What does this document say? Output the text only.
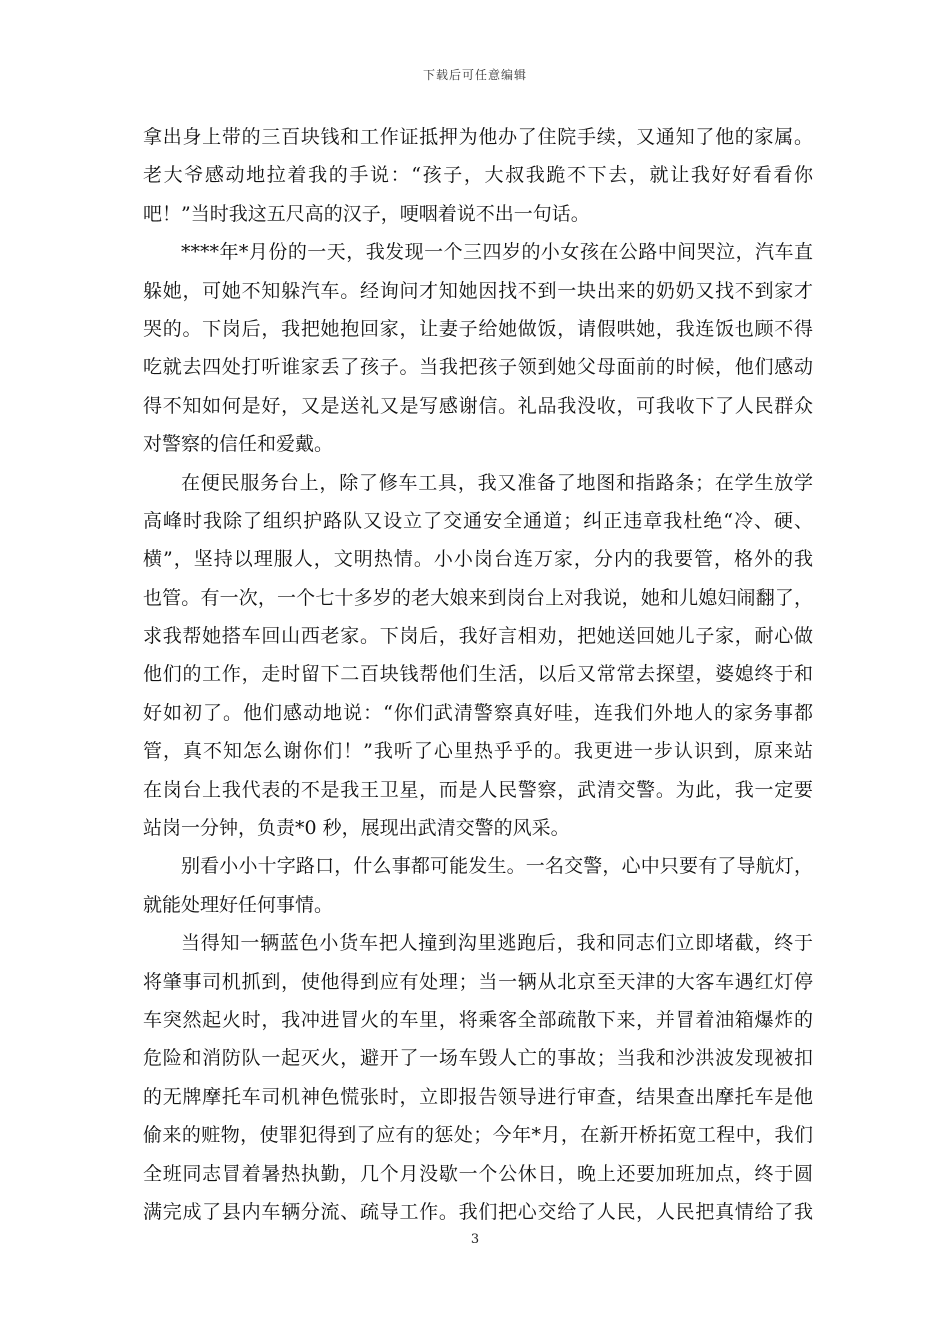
下载后可任意编辑
拿出身上带的三百块钱和工作证抵押为他办了住院手续，又通知了他的家属。
老大爷感动地拉着我的手说：“孩子，大叔我跪不下去，就让我好好看看你
吧！”当时我这五尺高的汉子，哽咽着说不出一句话。
****年*月份的一天，我发现一个三四岁的小女孩在公路中间哭泣，汽车直
躲她，可她不知躲汽车。经询问才知她因找不到一块出来的奶奶又找不到家才
哭的。下岗后，我把她抱回家，让妻子给她做饭，请假哄她，我连饭也顾不得
吃就去四处打听谁家丢了孩子。当我把孩子领到她父母面前的时候，他们感动
得不知如何是好，又是送礼又是写感谢信。礼品我没收，可我收下了人民群众
对警察的信任和爱戴。
在便民服务台上，除了修车工具，我又准备了地图和指路条；在学生放学
高峰时我除了组织护路队又设立了交通安全通道；纠正违章我杜绝“冷、硬、
横”，坚持以理服人，文明热情。小小岗台连万家，分内的我要管，格外的我
也管。有一次，一个七十多岁的老大娘来到岗台上对我说，她和儿媳妇闹翻了，
求我帮她搭车回山西老家。下岗后，我好言相劝，把她送回她儿子家，耐心做
他们的工作，走时留下二百块钱帮他们生活，以后又常常去探望，婆媳终于和
好如初了。他们感动地说：“你们武清警察真好哇，连我们外地人的家务事都
管，真不知怎么谢你们！”我听了心里热乎乎的。我更进一步认识到，原来站
在岗台上我代表的不是我王卫星，而是人民警察，武清交警。为此，我一定要
站岗一分钟，负责*0 秒，展现出武清交警的风采。
别看小小十字路口，什么事都可能发生。一名交警，心中只要有了导航灯，
就能处理好任何事情。
当得知一辆蓝色小货车把人撞到沟里逃跑后，我和同志们立即堵截，终于
将肇事司机抓到，使他得到应有处理；当一辆从北京至天津的大客车遇红灯停
车突然起火时，我冲进冒火的车里，将乘客全部疏散下来，并冒着油箱爆炸的
危险和消防队一起灭火，避开了一场车毁人亡的事故；当我和沙洪波发现被扣
的无牌摩托车司机神色慌张时，立即报告领导进行审查，结果查出摩托车是他
偷来的赃物，使罪犯得到了应有的惩处；今年*月，在新开桥拓宽工程中，我们
全班同志冒着暑热执勤，几个月没歇一个公休日，晚上还要加班加点，终于圆
满完成了县内车辆分流、疏导工作。我们把心交给了人民，人民把真情给了我
3
